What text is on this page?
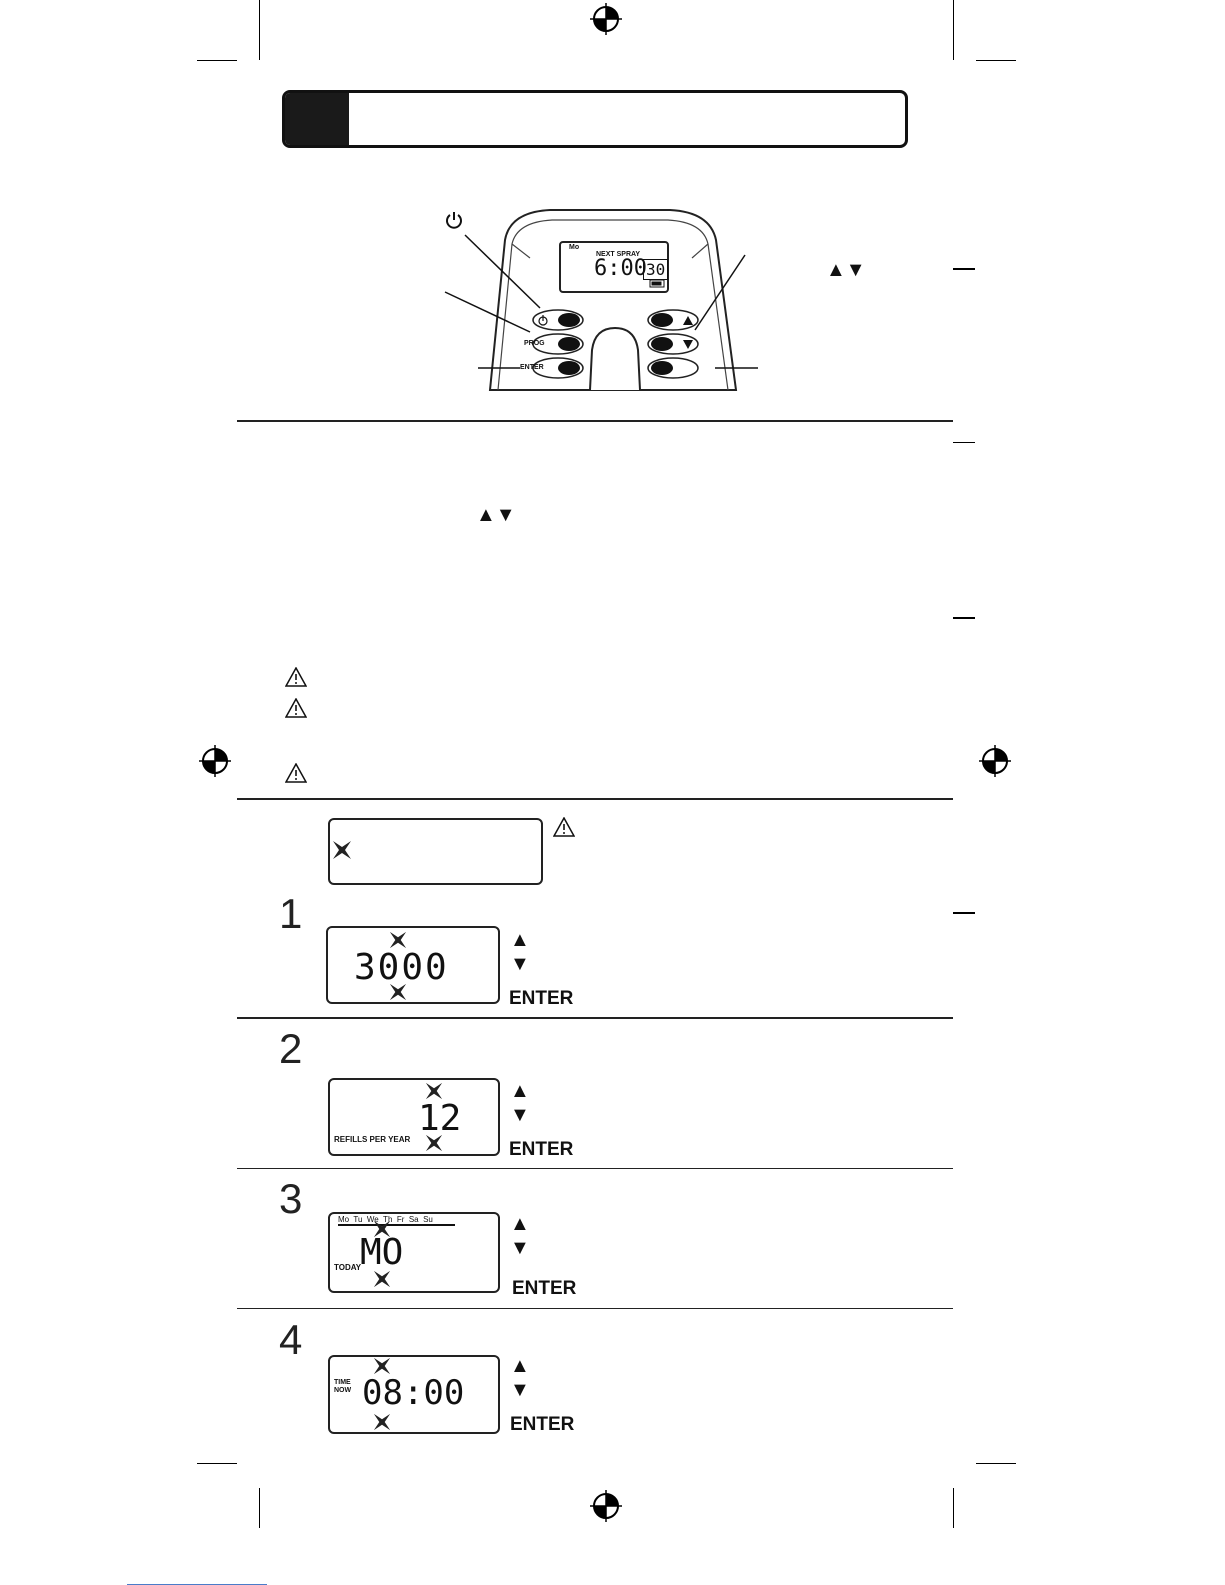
Mo
NEXT SPRAY
6:00 30
PROG
ENTER
▲▼
▲▼
1
3000
▲
▼
ENTER
2
12
REFILLS PER YEAR
▲
▼
ENTER
3	Mo  Tu  We  Th  Fr  Sa  Su
MO
TODAY
▲
▼
ENTER
4
08:00
TIME
NOW
▲
▼
ENTER
